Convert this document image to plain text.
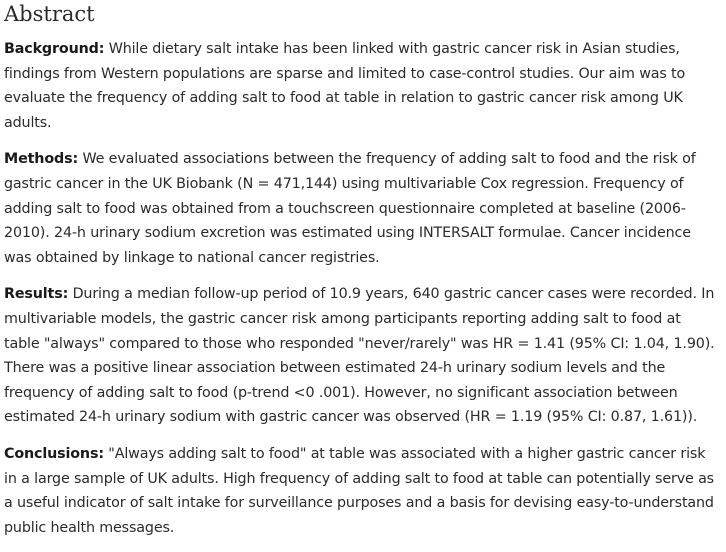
Abstract

Background: While dietary salt intake has been linked with gastric cancer risk in Asian studies, findings from Western populations are sparse and limited to case-control studies. Our aim was to evaluate the frequency of adding salt to food at table in relation to gastric cancer risk among UK adults.

Methods: We evaluated associations between the frequency of adding salt to food and the risk of gastric cancer in the UK Biobank (N = 471,144) using multivariable Cox regression. Frequency of adding salt to food was obtained from a touchscreen questionnaire completed at baseline (2006-2010). 24-h urinary sodium excretion was estimated using INTERSALT formulae. Cancer incidence was obtained by linkage to national cancer registries.

Results: During a median follow-up period of 10.9 years, 640 gastric cancer cases were recorded. In multivariable models, the gastric cancer risk among participants reporting adding salt to food at table "always" compared to those who responded "never/rarely" was HR = 1.41 (95% CI: 1.04, 1.90). There was a positive linear association between estimated 24-h urinary sodium levels and the frequency of adding salt to food (p-trend <0 .001). However, no significant association between estimated 24-h urinary sodium with gastric cancer was observed (HR = 1.19 (95% CI: 0.87, 1.61)).

Conclusions: "Always adding salt to food" at table was associated with a higher gastric cancer risk in a large sample of UK adults. High frequency of adding salt to food at table can potentially serve as a useful indicator of salt intake for surveillance purposes and a basis for devising easy-to-understand public health messages.
